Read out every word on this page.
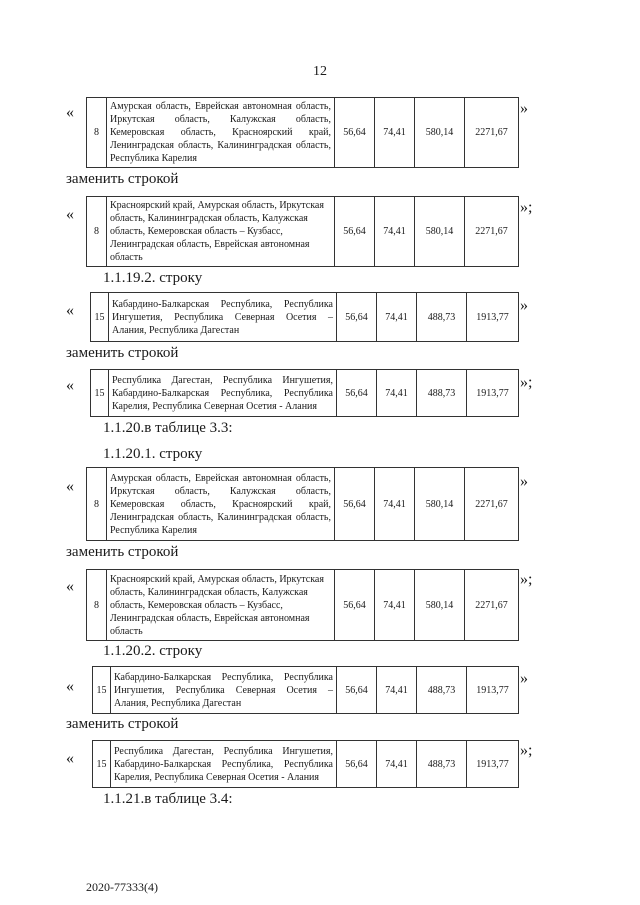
12
«
8	Амурская область, Еврейская автономная область, Иркутская область, Калужская область, Кемеровская область, Красноярский край, Ленинградская область, Калининградская область, Республика Карелия	56,64	74,41	580,14	2271,67
»
заменить строкой
«
8	Красноярский край, Амурская область, Иркутская область, Калининградская область, Калужская область, Кемеровская область – Кузбасс, Ленинградская область, Еврейская автономная область	56,64	74,41	580,14	2271,67
»;
1.1.19.2. строку
« 15	Кабардино-Балкарская Республика, Республика Ингушетия, Республика Северная Осетия – Алания, Республика Дагестан	56,64	74,41	488,73	1913,77
»
заменить строкой
« 15	Республика Дагестан, Республика Ингушетия, Кабардино-Балкарская Республика, Республика Карелия, Республика Северная Осетия - Алания	56,64	74,41	488,73	1913,77
»;
1.1.20.в таблице 3.3:
1.1.20.1. строку
«
8	Амурская область, Еврейская автономная область, Иркутская область, Калужская область, Кемеровская область, Красноярский край, Ленинградская область, Калининградская область, Республика Карелия	56,64	74,41	580,14	2271,67
»
заменить строкой
«
8	Красноярский край, Амурская область, Иркутская область, Калининградская область, Калужская область, Кемеровская область – Кузбасс, Ленинградская область, Еврейская автономная область	56,64	74,41	580,14	2271,67
»;
1.1.20.2. строку
« 15	Кабардино-Балкарская Республика, Республика Ингушетия, Республика Северная Осетия – Алания, Республика Дагестан	56,64	74,41	488,73	1913,77
»
заменить строкой
« 15	Республика Дагестан, Республика Ингушетия, Кабардино-Балкарская Республика, Республика Карелия, Республика Северная Осетия - Алания	56,64	74,41	488,73	1913,77
»;
1.1.21.в таблице 3.4:
2020-77333(4)
